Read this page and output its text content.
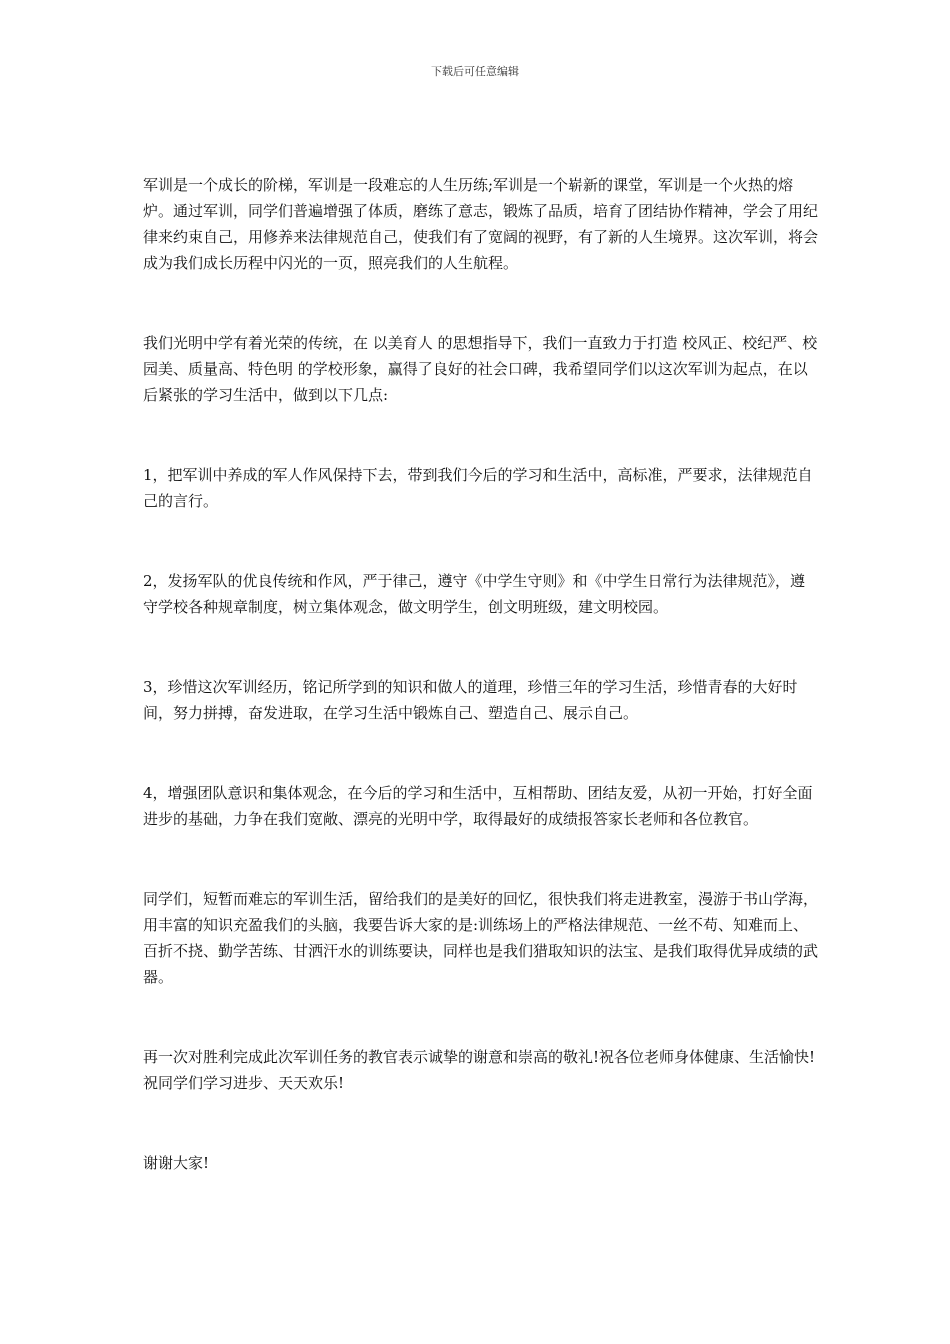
下载后可任意编辑

军训是一个成长的阶梯，军训是一段难忘的人生历练;军训是一个崭新的课堂，军训是一个火热的熔炉。通过军训，同学们普遍增强了体质，磨练了意志，锻炼了品质，培育了团结协作精神，学会了用纪律来约束自己，用修养来法律规范自己，使我们有了宽阔的视野，有了新的人生境界。这次军训，将会成为我们成长历程中闪光的一页，照亮我们的人生航程。

我们光明中学有着光荣的传统，在 以美育人 的思想指导下，我们一直致力于打造 校风正、校纪严、校园美、质量高、特色明 的学校形象，赢得了良好的社会口碑，我希望同学们以这次军训为起点，在以后紧张的学习生活中，做到以下几点:

1，把军训中养成的军人作风保持下去，带到我们今后的学习和生活中，高标准，严要求，法律规范自己的言行。

2，发扬军队的优良传统和作风，严于律己，遵守《中学生守则》和《中学生日常行为法律规范》，遵守学校各种规章制度，树立集体观念，做文明学生，创文明班级，建文明校园。

3，珍惜这次军训经历，铭记所学到的知识和做人的道理，珍惜三年的学习生活，珍惜青春的大好时间，努力拼搏，奋发进取，在学习生活中锻炼自己、塑造自己、展示自己。

4，增强团队意识和集体观念，在今后的学习和生活中，互相帮助、团结友爱，从初一开始，打好全面进步的基础，力争在我们宽敞、漂亮的光明中学，取得最好的成绩报答家长老师和各位教官。

同学们，短暂而难忘的军训生活，留给我们的是美好的回忆，很快我们将走进教室，漫游于书山学海，用丰富的知识充盈我们的头脑，我要告诉大家的是:训练场上的严格法律规范、一丝不苟、知难而上、百折不挠、勤学苦练、甘洒汗水的训练要诀，同样也是我们猎取知识的法宝、是我们取得优异成绩的武器。

再一次对胜利完成此次军训任务的教官表示诚挚的谢意和崇高的敬礼!祝各位老师身体健康、生活愉快!祝同学们学习进步、天天欢乐!

谢谢大家!
